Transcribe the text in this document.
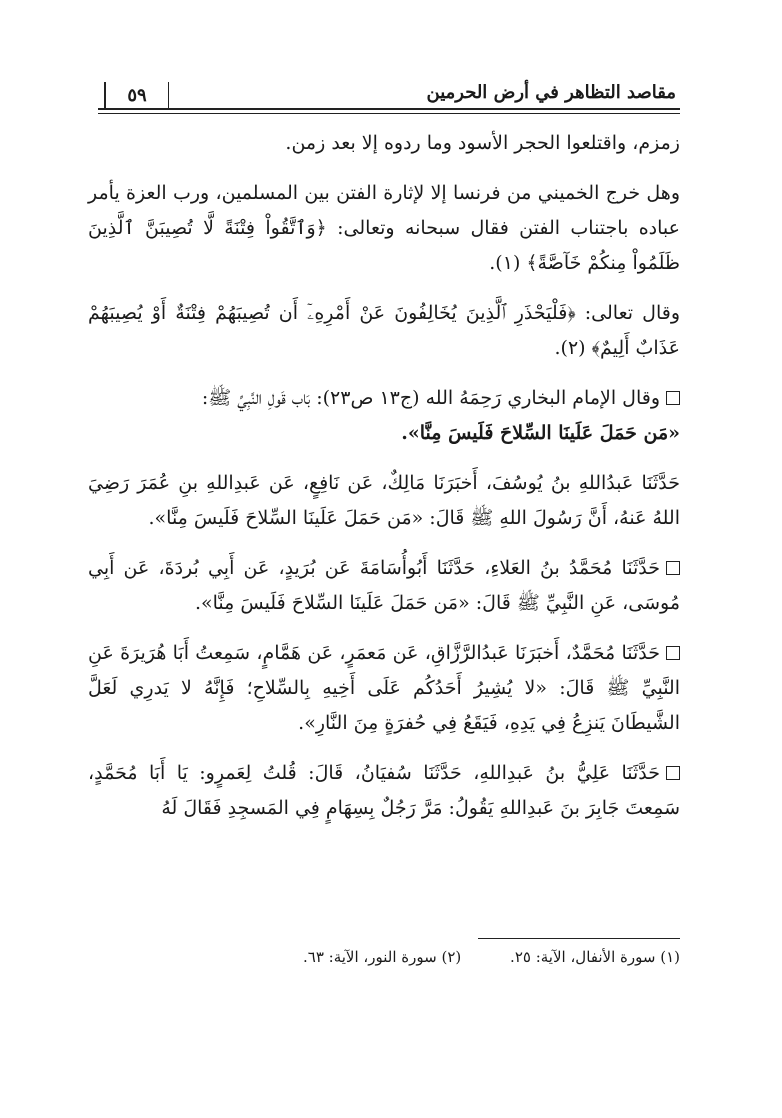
٥٩	مقاصد التظاهر في أرض الحرمين

زمزم، واقتلعوا الحجر الأسود وما ردوه إلا بعد زمن.

وهل خرج الخميني من فرنسا إلا لإثارة الفتن بين المسلمين، ورب العزة يأمر عباده باجتناب الفتن فقال سبحانه وتعالى: ﴿وَٱتَّقُواْ فِتْنَةً لَّا تُصِيبَنَّ ٱلَّذِينَ ظَلَمُواْ مِنكُمْ خَآصَّةً﴾ (١).

وقال تعالى: ﴿فَلْيَحْذَرِ ٱلَّذِينَ يُخَالِفُونَ عَنْ أَمْرِهِۦٓ أَن تُصِيبَهُمْ فِتْنَةٌ أَوْ يُصِيبَهُمْ عَذَابٌ أَلِيمٌ﴾ (٢).

وقال الإمام البخاري رَحِمَهُ الله (ج١٣ ص٢٣): بَاب قَولِ النَّبِيِّ ﷺ:
«مَن حَمَلَ عَلَينَا السِّلاحَ فَلَيسَ مِنَّا».

حَدَّثَنَا عَبدُاللهِ بنُ يُوسُفَ، أَخبَرَنَا مَالِكٌ، عَن نَافِعٍ، عَن عَبدِاللهِ بنِ عُمَرَ رَضِيَ اللهُ عَنهُ، أَنَّ رَسُولَ اللهِ ﷺ قَالَ: «مَن حَمَلَ عَلَينَا السِّلاحَ فَلَيسَ مِنَّا».

حَدَّثَنَا مُحَمَّدُ بنُ العَلاءِ، حَدَّثَنَا أَبُوأُسَامَةَ عَن بُرَيدٍ، عَن أَبِي بُردَةَ، عَن أَبِي مُوسَى، عَنِ النَّبِيِّ ﷺ قَالَ: «مَن حَمَلَ عَلَينَا السِّلاحَ فَلَيسَ مِنَّا».

حَدَّثَنَا مُحَمَّدٌ، أَخبَرَنَا عَبدُالرَّزَّاقِ، عَن مَعمَرٍ، عَن هَمَّامٍ، سَمِعتُ أَبَا هُرَيرَةَ عَنِ النَّبِيِّ ﷺ قَالَ: «لا يُشِيرُ أَحَدُكُم عَلَى أَخِيهِ بِالسِّلاحِ؛ فَإِنَّهُ لا يَدرِي لَعَلَّ الشَّيطَانَ يَنزِعُ فِي يَدِهِ، فَيَقَعُ فِي حُفرَةٍ مِنَ النَّارِ».

حَدَّثَنَا عَلِيُّ بنُ عَبدِاللهِ، حَدَّثَنَا سُفيَانُ، قَالَ: قُلتُ لِعَمرٍو: يَا أَبَا مُحَمَّدٍ، سَمِعتَ جَابِرَ بنَ عَبدِاللهِ يَقُولُ: مَرَّ رَجُلٌ بِسِهَامٍ فِي المَسجِدِ فَقَالَ لَهُ

(١) سورة الأنفال، الآية: ٢٥. (٢) سورة النور، الآية: ٦٣.
